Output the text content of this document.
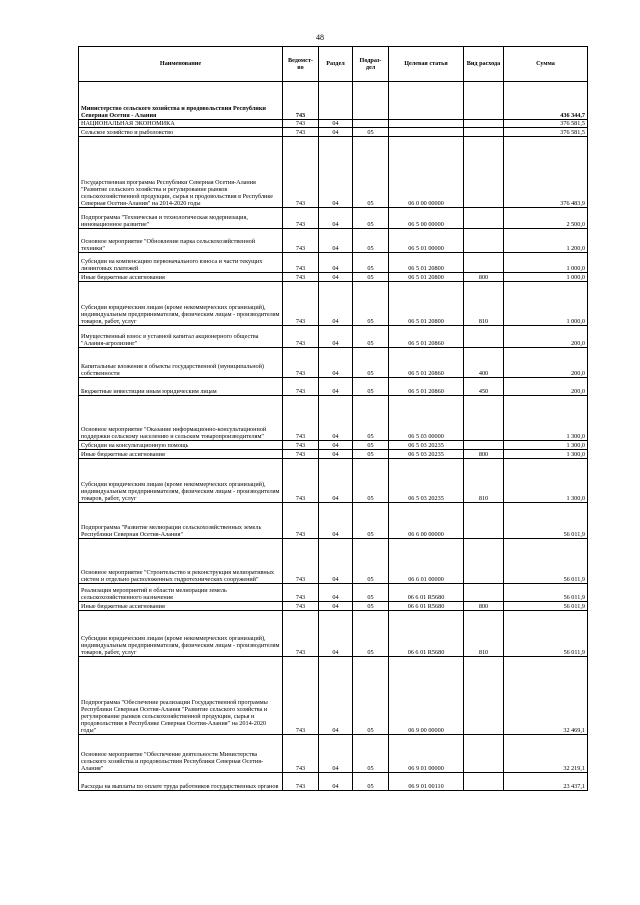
48
Наименование	Ведомст-во	Раздел	Подраз-дел	Целевая статья	Вид расхода	Сумма
Министерство сельского хозяйства и продовольствия Республики Северная Осетия - Алания	743					436 344,7
НАЦИОНАЛЬНАЯ ЭКОНОМИКА	743	04				376 581,5
Сельское хозяйство и рыболовство	743	04	05			376 581,5
Государственная программа Республики Северная Осетия-Алания "Развитие сельского хозяйства и регулирование рынков сельскохозяйственной продукции, сырья и продовольствия в Республике Северная Осетия-Алания" на 2014-2020 годы	743	04	05	06 0 00 00000		376 483,9
Подпрограмма "Техническая и технологическая модернизация, инновационное развитие"	743	04	05	06 5 00 00000		2 500,0
Основное мероприятие "Обновление парка сельскохозяйственной техники"	743	04	05	06 5 01 00000		1 200,0
Субсидии на компенсацию первоначального взноса и части текущих лизинговых платежей	743	04	05	06 5 01 20800		1 000,0
Иные бюджетные ассигнования	743	04	05	06 5 01 20800	800	1 000,0
Субсидии юридическим лицам (кроме некоммерческих организаций), индивидуальным предпринимателям, физическим лицам - производителям товаров, работ, услуг	743	04	05	06 5 01 20800	810	1 000,0
Имущественный взнос в уставной капитал акционерного общества "Алания-агролизинг"	743	04	05	06 5 01 20860		200,0
Капитальные вложения в объекты государственной (муниципальной) собственности	743	04	05	06 5 01 20860	400	200,0
Бюджетные инвестиции иным юридическим лицам	743	04	05	06 5 01 20860	450	200,0
Основное мероприятие "Оказание информационно-консультационной поддержки сельскому населению и сельским товаропроизводителям"	743	04	05	06 5 03 00000		1 300,0
Субсидии на консультационную помощь	743	04	05	06 5 03 20235		1 300,0
Иные бюджетные ассигнования	743	04	05	06 5 03 20235	800	1 300,0
Субсидии юридическим лицам (кроме некоммерческих организаций), индивидуальным предпринимателям, физическим лицам - производителям товаров, работ, услуг	743	04	05	06 5 03 20235	810	1 300,0
Подпрограмма "Развитие мелиорации сельскохозяйственных земель Республики Северная Осетия-Алания"	743	04	05	06 6 00 00000		56 011,9
Основное мероприятие "Строительство и реконструкция мелиоративных систем и отдельно расположенных гидротехнических сооружений"	743	04	05	06 6 01 00000		56 011,9
Реализация мероприятий в области мелиорации земель сельскохозяйственного назначения	743	04	05	06 6 01 R5680		56 011,9
Иные бюджетные ассигнования	743	04	05	06 6 01 R5680	800	56 011,9
Субсидии юридическим лицам (кроме некоммерческих организаций), индивидуальным предпринимателям, физическим лицам - производителям товаров, работ, услуг	743	04	05	06 6 01 R5680	810	56 011,9
Подпрограмма "Обеспечение реализации Государственной программы Республики Северная Осетия-Алания "Развитие сельского хозяйства и регулирование рынков сельскохозяйственной продукции, сырья и продовольствия в Республике Северная Осетия-Алания" на 2014-2020 годы"	743	04	05	06 9 00 00000		32 469,1
Основное мероприятие "Обеспечение деятельности Министерства сельского хозяйства и продовольствия Республики Северная Осетия-Алания"	743	04	05	06 9 01 00000		32 219,1
Расходы на выплаты по оплате труда работников государственных органов	743	04	05	06 9 01 00110		23 437,1
